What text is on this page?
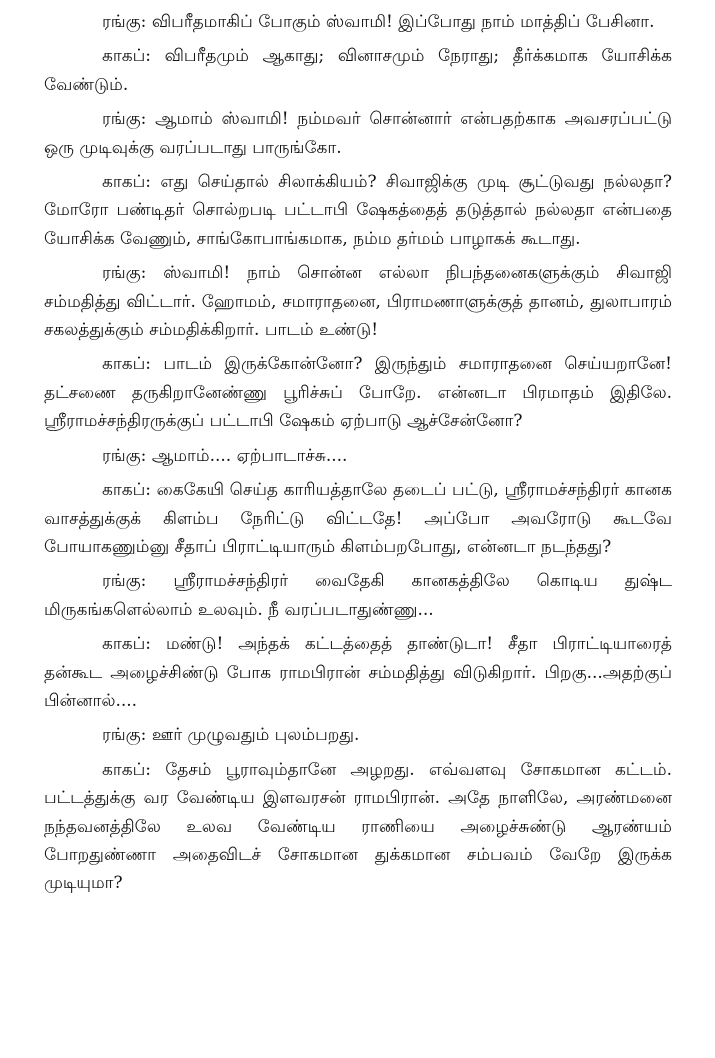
ரங்கு: விபரீதமாகிப் போகும் ஸ்வாமி! இப்போது நாம் மாத்திப் பேசினா.

காகப்: விபரீதமும் ஆகாது; வினாசமும் நேராது; தீர்க்கமாக யோசிக்க வேண்டும்.

ரங்கு: ஆமாம் ஸ்வாமி! நம்மவர் சொன்னார் என்பதற்காக அவசரப்பட்டு ஒரு முடிவுக்கு வரப்படாது பாருங்கோ.

காகப்: எது செய்தால் சிலாக்கியம்? சிவாஜிக்கு முடி சூட்டுவது நல்லதா? மோரோ பண்டிதர் சொல்றபடி பட்டாபி ஷேகத்தைத் தடுத்தால் நல்லதா என்பதை யோசிக்க வேணும், சாங்கோபாங்கமாக, நம்ம தர்மம் பாழாகக் கூடாது.

ரங்கு: ஸ்வாமி! நாம் சொன்ன எல்லா நிபந்தனைகளுக்கும் சிவாஜி சம்மதித்து விட்டார். ஹோமம், சமாராதனை, பிராமணாளுக்குத் தானம், துலாபாரம் சகலத்துக்கும் சம்மதிக்கிறார். பாடம் உண்டு!

காகப்: பாடம் இருக்கோன்னோ? இருந்தும் சமாராதனை செய்யறானே! தட்சணை தருகிறானேண்ணு பூரிச்சுப் போறே. என்னடா பிரமாதம் இதிலே. ஸ்ரீராமச்சந்திரருக்குப் பட்டாபி ஷேகம் ஏற்பாடு ஆச்சேன்னோ?

ரங்கு: ஆமாம்.... ஏற்பாடாச்சு....

காகப்: கைகேயி செய்த காரியத்தாலே தடைப் பட்டு, ஸ்ரீராமச்சந்திரர் கானக வாசத்துக்குக் கிளம்ப நேரிட்டு விட்டதே! அப்போ அவரோடு கூடவே போயாகணும்னு சீதாப் பிராட்டியாரும் கிளம்பறபோது, என்னடா நடந்தது?

ரங்கு: ஸ்ரீராமச்சந்திரர் வைதேகி கானகத்திலே கொடிய துஷ்ட மிருகங்களெல்லாம் உலவும். நீ வரப்படாதுண்ணு...

காகப்: மண்டு! அந்தக் கட்டத்தைத் தாண்டுடா! சீதா பிராட்டியாரைத் தன்கூட அழைச்சிண்டு போக ராமபிரான் சம்மதித்து விடுகிறார். பிறகு...அதற்குப் பின்னால்....

ரங்கு: ஊர் முழுவதும் புலம்பறது.

காகப்: தேசம் பூராவும்தானே அழறது. எவ்வளவு சோகமான கட்டம். பட்டத்துக்கு வர வேண்டிய இளவரசன் ராமபிரான். அதே நாளிலே, அரண்மனை நந்தவனத்திலே உலவ வேண்டிய ராணியை அழைச்சுண்டு ஆரண்யம் போறதுண்ணா அதைவிடச் சோகமான துக்கமான சம்பவம் வேறே இருக்க முடியுமா?
